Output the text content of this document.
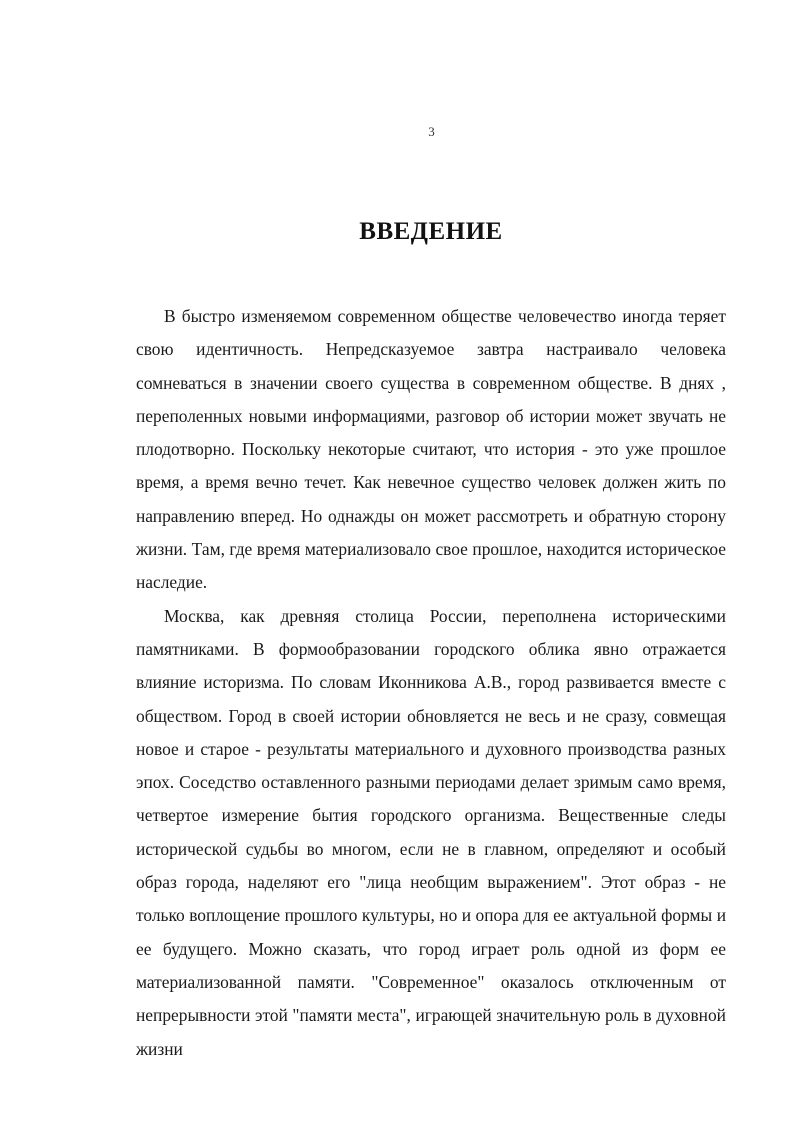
3
ВВЕДЕНИЕ

В быстро изменяемом современном обществе человечество иногда теряет свою идентичность. Непредсказуемое завтра настраивало человека сомневаться в значении своего существа в современном обществе. В днях , переполенных новыми информациями, разговор об истории может звучать не плодотворно. Поскольку некоторые считают, что история - это уже прошлое время, а время вечно течет. Как невечное существо человек должен жить по направлению вперед. Но однажды он может рассмотреть и обратную сторону жизни. Там, где время материализовало свое прошлое, находится историческое наследие.

Москва, как древняя столица России, переполнена историческими памятниками. В формообразовании городского облика явно отражается влияние историзма. По словам Иконникова А.В., город развивается вместе с обществом. Город в своей истории обновляется не весь и не сразу, совмещая новое и старое - результаты материального и духовного производства разных эпох. Соседство оставленного разными периодами делает зримым само время, четвертое измерение бытия городского организма. Вещественные следы исторической судьбы во многом, если не в главном, определяют и особый образ города, наделяют его "лица необщим выражением". Этот образ - не только воплощение прошлого культуры, но и опора для ее актуальной формы и ее будущего. Можно сказать, что город играет роль одной из форм ее материализованной памяти. "Современное" оказалось отключенным от непрерывности этой "памяти места", играющей значительную роль в духовной жизни
